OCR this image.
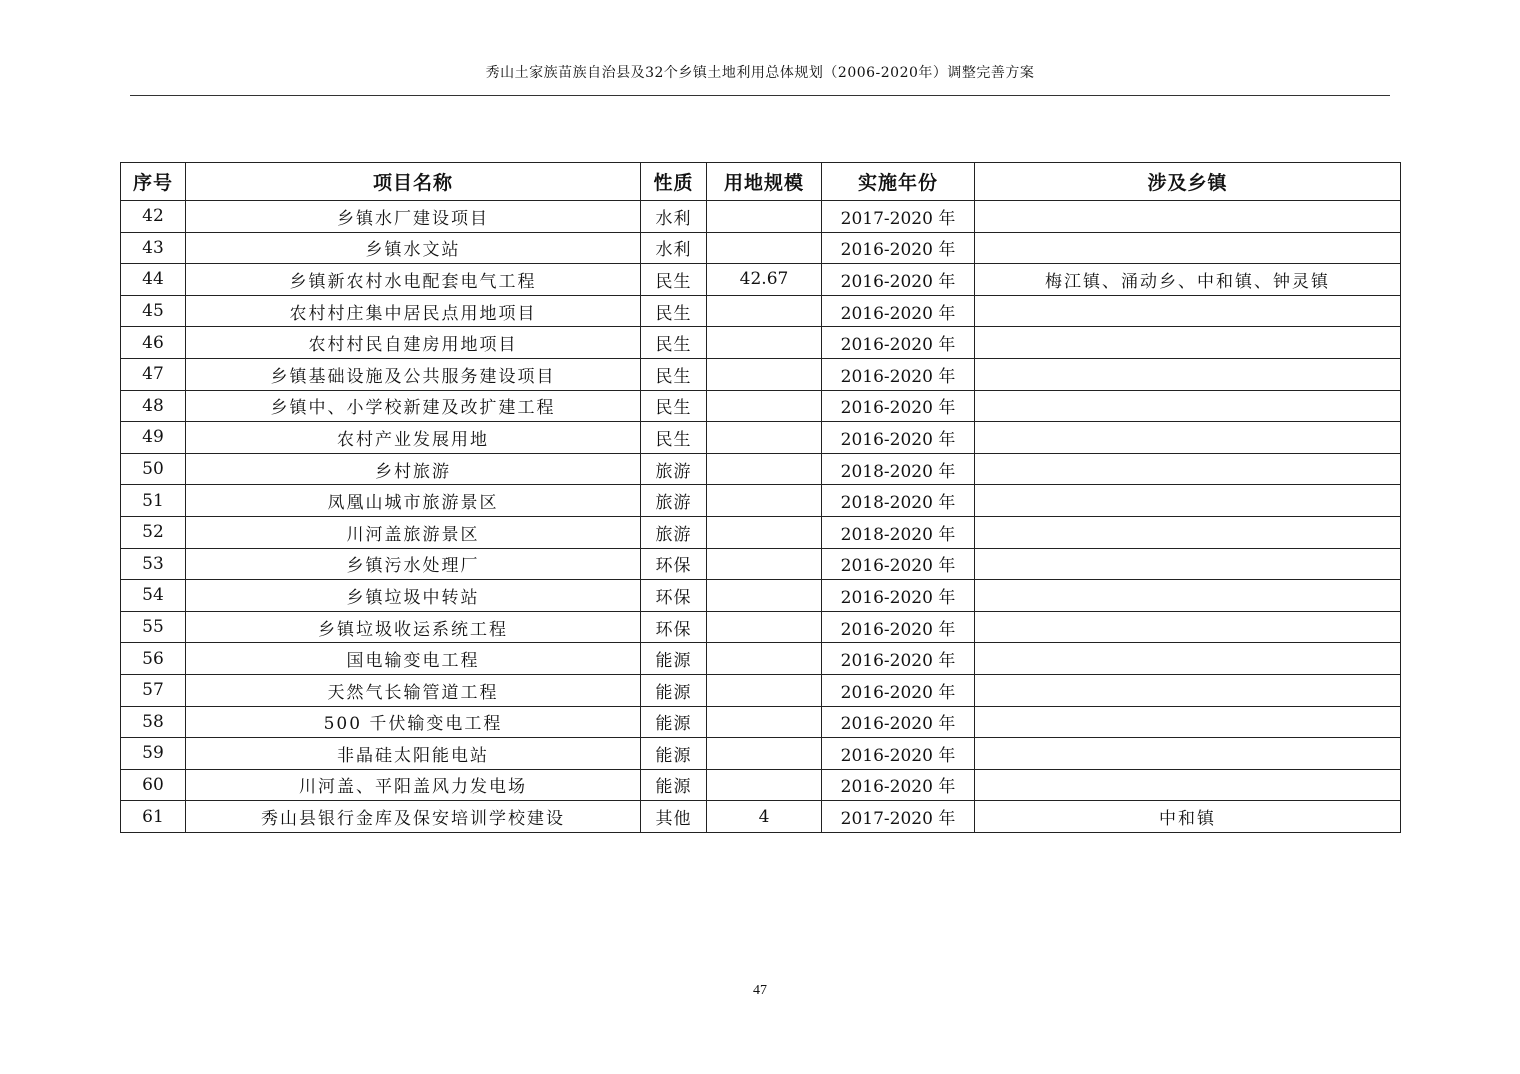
秀山土家族苗族自治县及32个乡镇土地利用总体规划（2006-2020年）调整完善方案
序号	项目名称	性质	用地规模	实施年份	涉及乡镇
42	乡镇水厂建设项目	水利		2017-2020 年	
43	乡镇水文站	水利		2016-2020 年	
44	乡镇新农村水电配套电气工程	民生	42.67	2016-2020 年	梅江镇、涌动乡、中和镇、钟灵镇
45	农村村庄集中居民点用地项目	民生		2016-2020 年	
46	农村村民自建房用地项目	民生		2016-2020 年	
47	乡镇基础设施及公共服务建设项目	民生		2016-2020 年	
48	乡镇中、小学校新建及改扩建工程	民生		2016-2020 年	
49	农村产业发展用地	民生		2016-2020 年	
50	乡村旅游	旅游		2018-2020 年	
51	凤凰山城市旅游景区	旅游		2018-2020 年	
52	川河盖旅游景区	旅游		2018-2020 年	
53	乡镇污水处理厂	环保		2016-2020 年	
54	乡镇垃圾中转站	环保		2016-2020 年	
55	乡镇垃圾收运系统工程	环保		2016-2020 年	
56	国电输变电工程	能源		2016-2020 年	
57	天然气长输管道工程	能源		2016-2020 年	
58	500 千伏输变电工程	能源		2016-2020 年	
59	非晶硅太阳能电站	能源		2016-2020 年	
60	川河盖、平阳盖风力发电场	能源		2016-2020 年	
61	秀山县银行金库及保安培训学校建设	其他	4	2017-2020 年	中和镇
47
